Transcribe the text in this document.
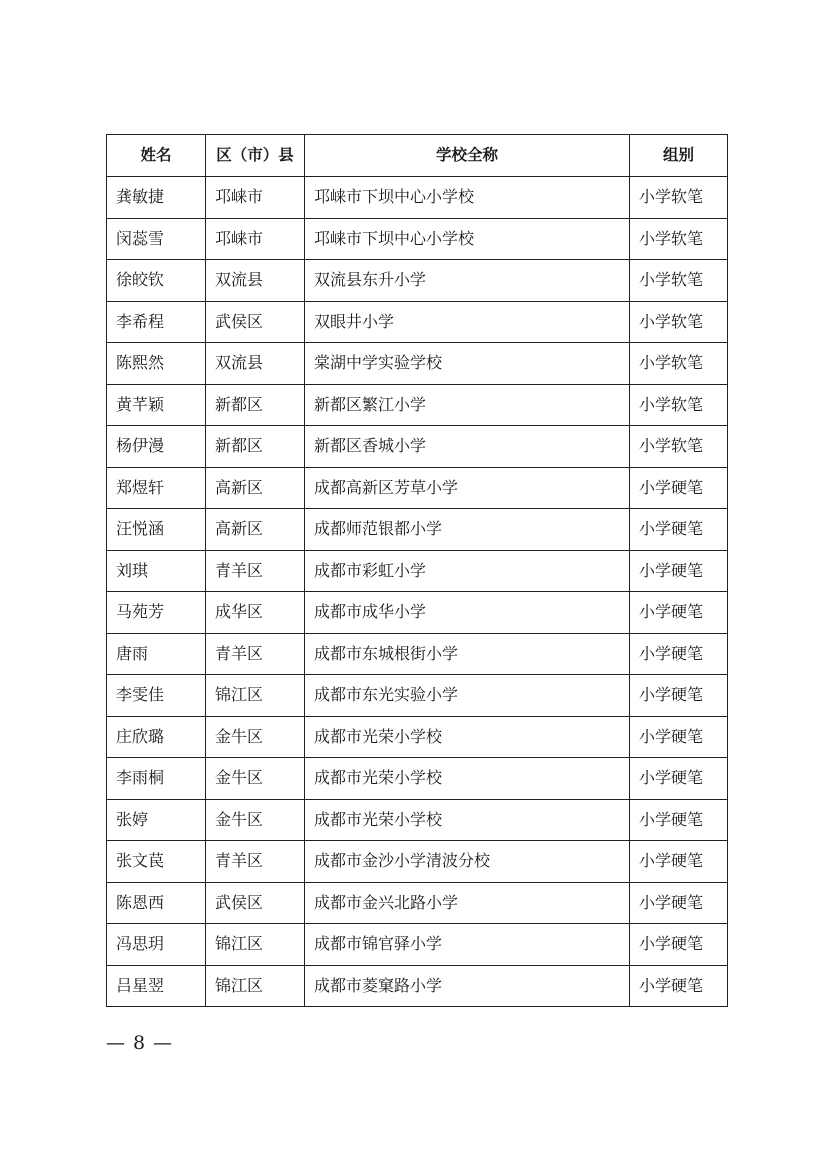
姓名	区（市）县	学校全称	组别
龚敏捷	邛崃市	邛崃市下坝中心小学校	小学软笔
闵蕊雪	邛崃市	邛崃市下坝中心小学校	小学软笔
徐皎钦	双流县	双流县东升小学	小学软笔
李希程	武侯区	双眼井小学	小学软笔
陈熙然	双流县	棠湖中学实验学校	小学软笔
黄芊颖	新都区	新都区繁江小学	小学软笔
杨伊漫	新都区	新都区香城小学	小学软笔
郑煜轩	高新区	成都高新区芳草小学	小学硬笔
汪悦涵	高新区	成都师范银都小学	小学硬笔
刘琪	青羊区	成都市彩虹小学	小学硬笔
马苑芳	成华区	成都市成华小学	小学硬笔
唐雨	青羊区	成都市东城根街小学	小学硬笔
李雯佳	锦江区	成都市东光实验小学	小学硬笔
庄欣璐	金牛区	成都市光荣小学校	小学硬笔
李雨桐	金牛区	成都市光荣小学校	小学硬笔
张婷	金牛区	成都市光荣小学校	小学硬笔
张文苠	青羊区	成都市金沙小学清波分校	小学硬笔
陈恩西	武侯区	成都市金兴北路小学	小学硬笔
冯思玥	锦江区	成都市锦官驿小学	小学硬笔
吕星翌	锦江区	成都市菱窠路小学	小学硬笔
— 8 —
